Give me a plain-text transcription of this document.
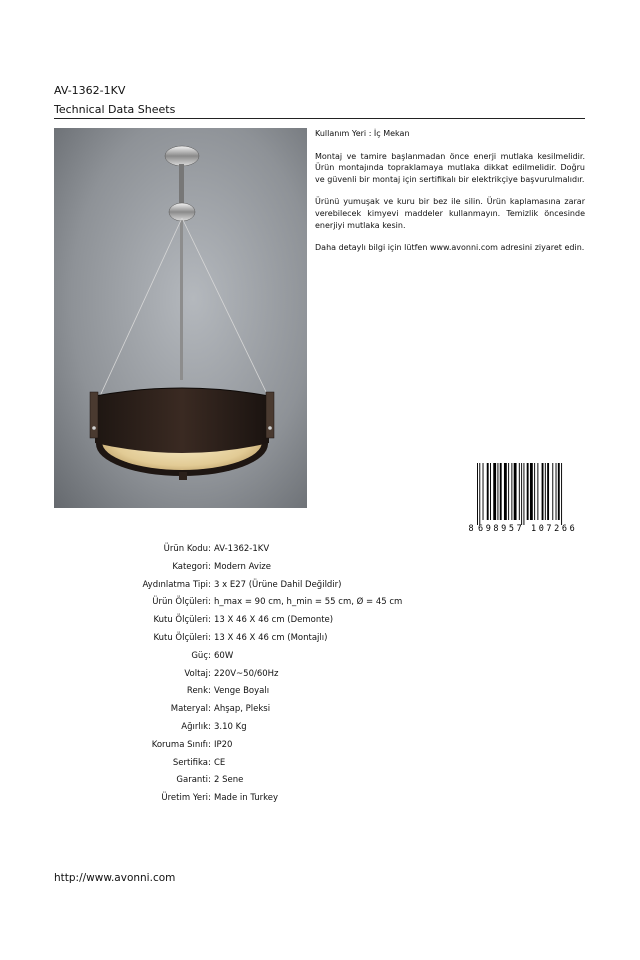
AV-1362-1KV
Technical Data Sheets

Kullanım Yeri : İç Mekan

Montaj ve tamire başlanmadan önce enerji mutlaka kesilmelidir. Ürün montajında topraklamaya mutlaka dikkat edilmelidir. Doğru ve güvenli bir montaj için sertifikalı bir elektrikçiye başvurulmalıdır.

Ürünü yumuşak ve kuru bir bez ile silin. Ürün kaplamasına zarar verebilecek kimyevi maddeler kullanmayın. Temizlik öncesinde enerjiyi mutlaka kesin.

Daha detaylı bilgi için lütfen www.avonni.com adresini ziyaret edin.

8 698957 107266
Ürün Kodu : AV-1362-1KV
Kategori : Modern Avize
Aydınlatma Tipi : 3 x E27 (Ürüne Dahil Değildir)
Ürün Ölçüleri : h_max = 90 cm, h_min = 55 cm, Ø = 45 cm
Kutu Ölçüleri : 13 X 46 X 46 cm (Demonte)
Kutu Ölçüleri : 13 X 46 X 46 cm (Montajlı)
Güç : 60W
Voltaj : 220V~50/60Hz
Renk : Venge Boyalı
Materyal : Ahşap, Pleksi
Ağırlık : 3.10 Kg
Koruma Sınıfı : IP20
Sertifika : CE
Garanti : 2 Sene
Üretim Yeri : Made in Turkey
http://www.avonni.com
